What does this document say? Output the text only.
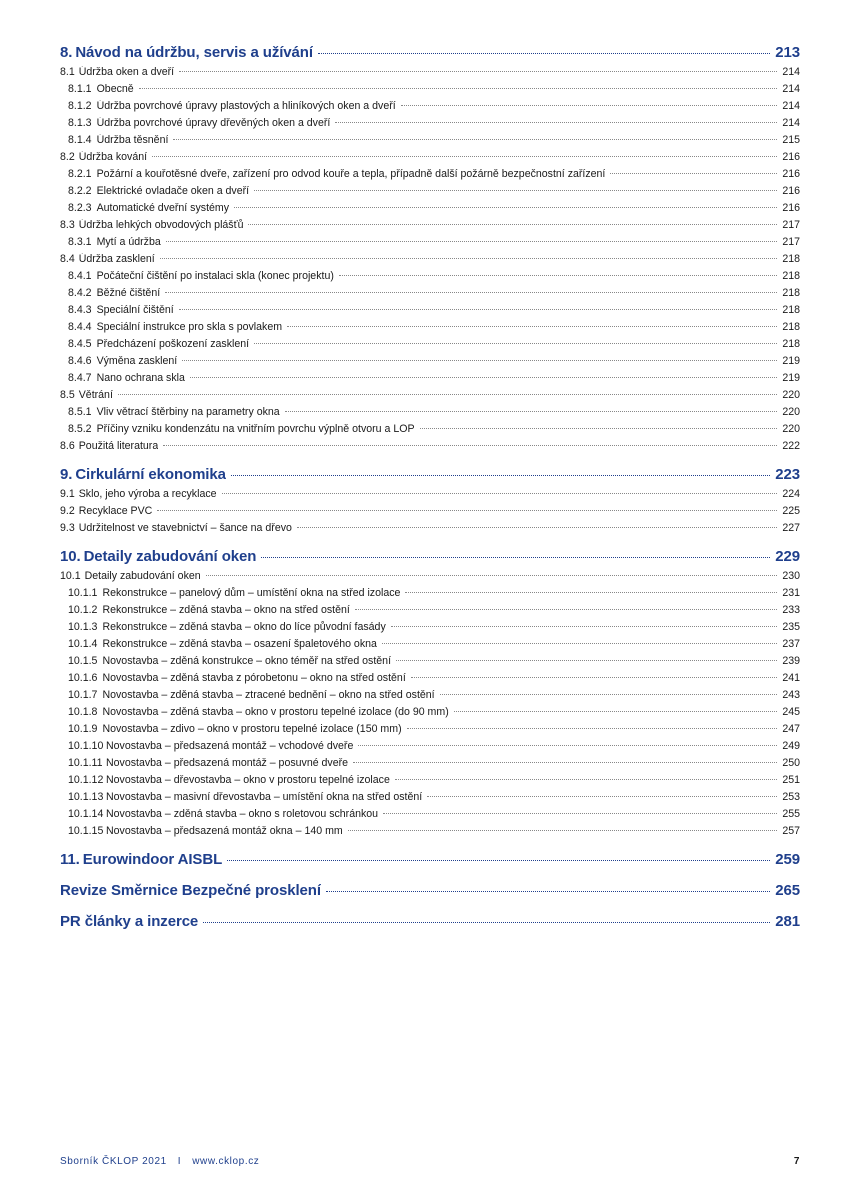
8. Návod na údržbu, servis a užívání	213
8.1 Údržba oken a dveří	214
8.1.1 Obecně	214
8.1.2 Údržba povrchové úpravy plastových a hliníkových oken a dveří	214
8.1.3 Údržba povrchové úpravy dřevěných oken a dveří	214
8.1.4 Údržba těsnění	215
8.2 Údržba kování	216
8.2.1 Požární a kouřotěsné dveře, zařízení pro odvod kouře a tepla, případně další požárně bezpečnostní zařízení	216
8.2.2 Elektrické ovladače oken a dveří	216
8.2.3 Automatické dveřní systémy	216
8.3 Údržba lehkých obvodových plášťů	217
8.3.1 Mytí a údržba	217
8.4 Údržba zasklení	218
8.4.1 Počáteční čištění po instalaci skla (konec projektu)	218
8.4.2 Běžné čištění	218
8.4.3 Speciální čištění	218
8.4.4 Speciální instrukce pro skla s povlakem	218
8.4.5 Předcházení poškození zasklení	218
8.4.6 Výměna zasklení	219
8.4.7 Nano ochrana skla	219
8.5 Větrání	220
8.5.1 Vliv větrací štěrbiny na parametry okna	220
8.5.2 Příčiny vzniku kondenzátu na vnitřním povrchu výplně otvoru a LOP	220
8.6 Použitá literatura	222
9. Cirkulární ekonomika	223
9.1 Sklo, jeho výroba a recyklace	224
9.2 Recyklace PVC	225
9.3 Udržitelnost ve stavebnictví – šance na dřevo	227
10. Detaily zabudování oken	229
10.1 Detaily zabudování oken	230
10.1.1 Rekonstrukce – panelový dům – umístění okna na střed izolace	231
10.1.2 Rekonstrukce – zděná stavba – okno na střed ostění	233
10.1.3 Rekonstrukce – zděná stavba – okno do líce původní fasády	235
10.1.4 Rekonstrukce – zděná stavba – osazení špaletového okna	237
10.1.5 Novostavba – zděná konstrukce – okno téměř na střed ostění	239
10.1.6 Novostavba – zděná stavba z pórobetonu – okno na střed ostění	241
10.1.7 Novostavba – zděná stavba – ztracené bednění – okno na střed ostění	243
10.1.8 Novostavba – zděná stavba – okno v prostoru tepelné izolace (do 90 mm)	245
10.1.9 Novostavba – zdivo – okno v prostoru tepelné izolace (150 mm)	247
10.1.10 Novostavba – předsazená montáž – vchodové dveře	249
10.1.11 Novostavba – předsazená montáž – posuvné dveře	250
10.1.12 Novostavba – dřevostavba – okno v prostoru tepelné izolace	251
10.1.13 Novostavba – masivní dřevostavba – umístění okna na střed ostění	253
10.1.14 Novostavba – zděná stavba – okno s roletovou schránkou	255
10.1.15 Novostavba – předsazená montáž okna – 140 mm	257
11. Eurowindoor AISBL	259
Revize Směrnice Bezpečné prosklení	265
PR články a inzerce	281
Sborník ČKLOP 2021 I www.cklop.cz	7
